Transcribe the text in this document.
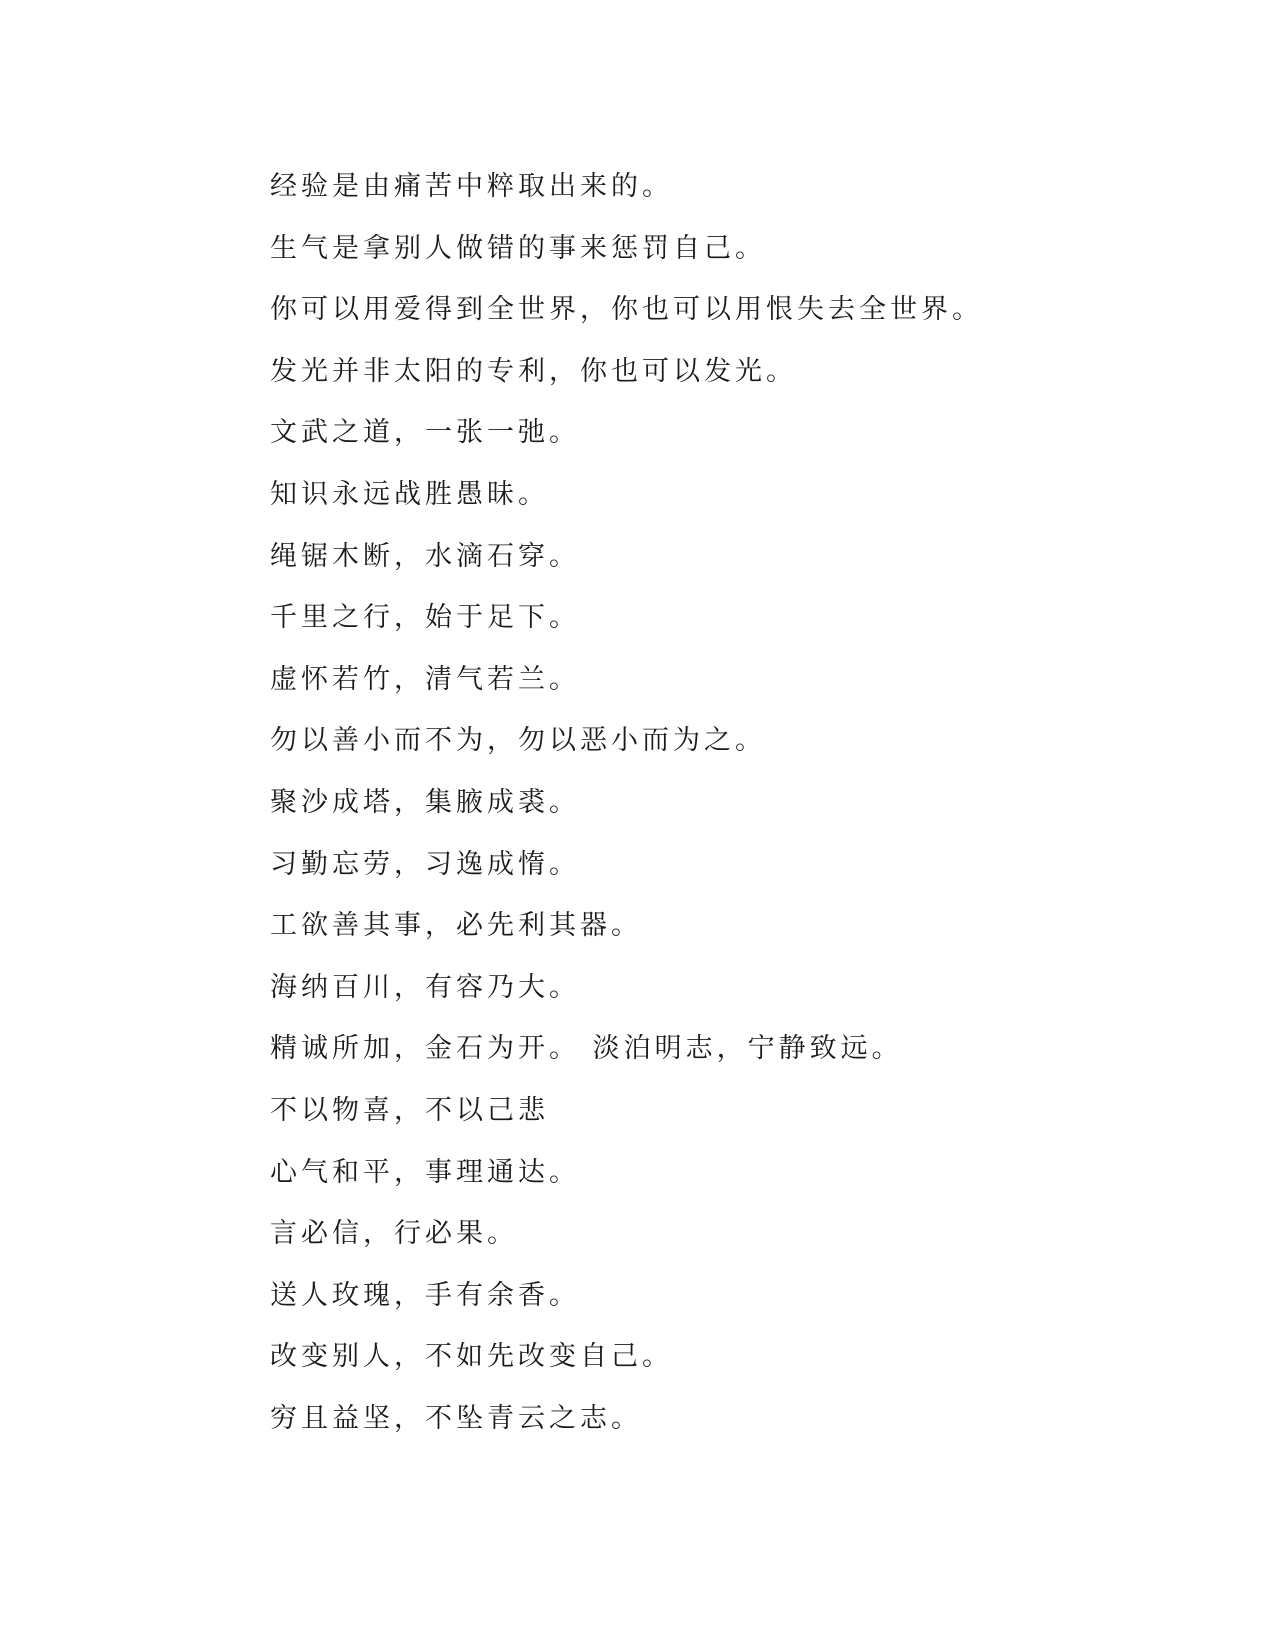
经验是由痛苦中粹取出来的。
生气是拿别人做错的事来惩罚自己。
你可以用爱得到全世界，你也可以用恨失去全世界。
发光并非太阳的专利，你也可以发光。
文武之道，一张一弛。
知识永远战胜愚昧。
绳锯木断，水滴石穿。
千里之行，始于足下。
虚怀若竹，清气若兰。
勿以善小而不为，勿以恶小而为之。
聚沙成塔，集腋成裘。
习勤忘劳，习逸成惰。
工欲善其事，必先利其器。
海纳百川，有容乃大。
精诚所加，金石为开。 淡泊明志，宁静致远。
不以物喜，不以己悲
心气和平，事理通达。
言必信，行必果。
送人玫瑰，手有余香。
改变别人，不如先改变自己。
穷且益坚，不坠青云之志。
